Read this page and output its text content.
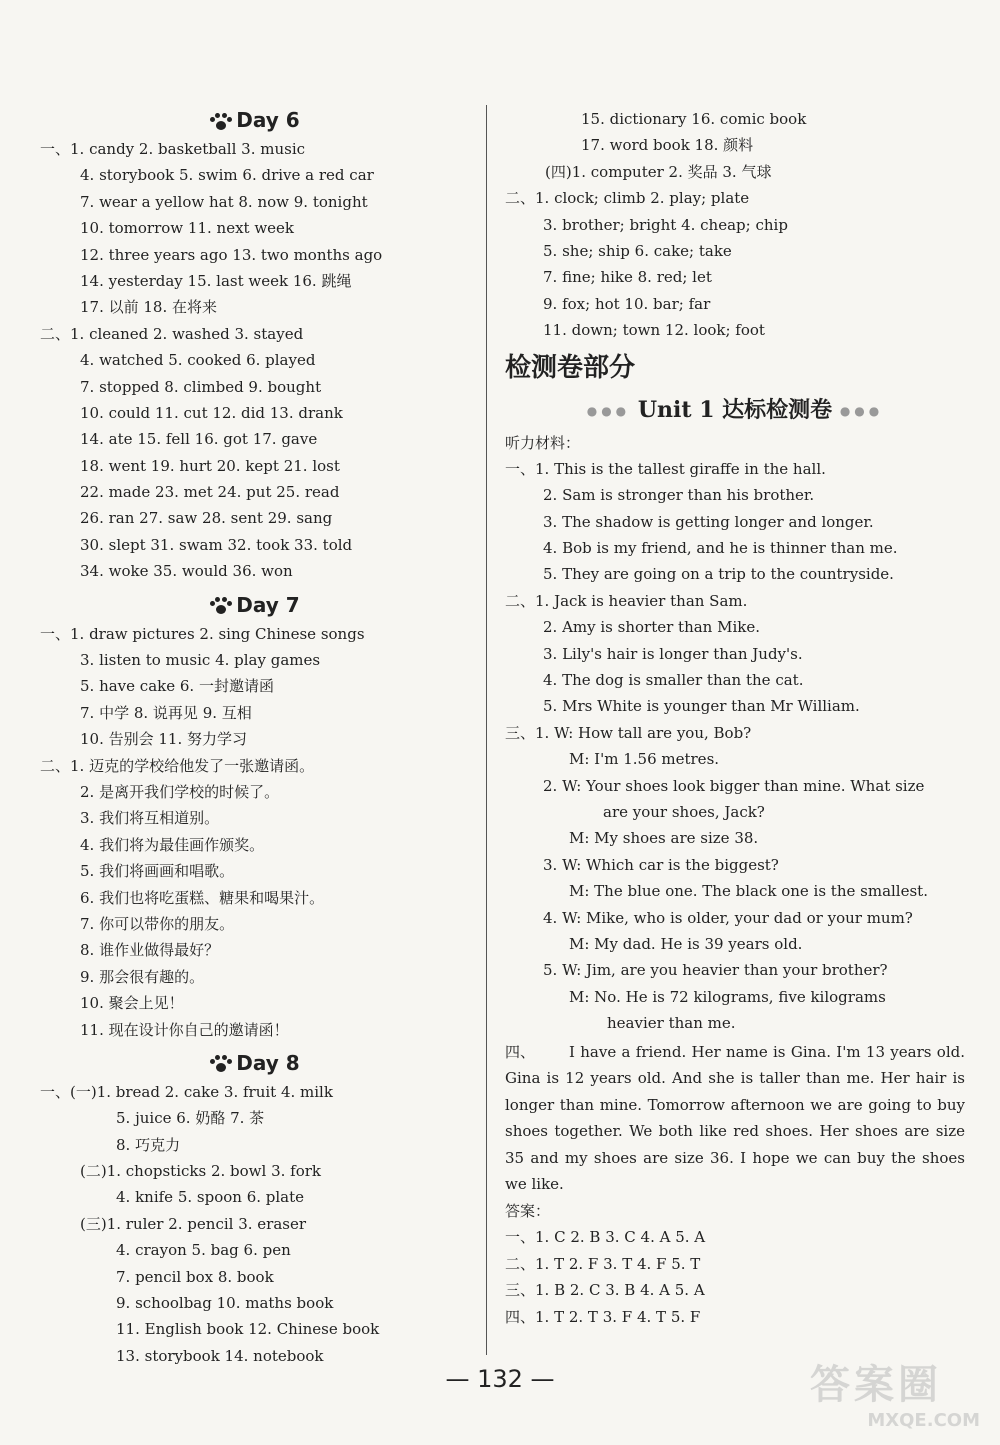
Day 6
一、1. candy 2. basketball 3. music
4. storybook 5. swim 6. drive a red car
7. wear a yellow hat 8. now 9. tonight
10. tomorrow 11. next week
12. three years ago 13. two months ago
14. yesterday 15. last week 16. 跳绳
17. 以前 18. 在将来
二、1. cleaned 2. washed 3. stayed
4. watched 5. cooked 6. played
7. stopped 8. climbed 9. bought
10. could 11. cut 12. did 13. drank
14. ate 15. fell 16. got 17. gave
18. went 19. hurt 20. kept 21. lost
22. made 23. met 24. put 25. read
26. ran 27. saw 28. sent 29. sang
30. slept 31. swam 32. took 33. told
34. woke 35. would 36. won
Day 7
一、1. draw pictures 2. sing Chinese songs
3. listen to music 4. play games
5. have cake 6. 一封邀请函
7. 中学 8. 说再见 9. 互相
10. 告别会 11. 努力学习
二、1. 迈克的学校给他发了一张邀请函。
2. 是离开我们学校的时候了。
3. 我们将互相道别。
4. 我们将为最佳画作颁奖。
5. 我们将画画和唱歌。
6. 我们也将吃蛋糕、糖果和喝果汁。
7. 你可以带你的朋友。
8. 谁作业做得最好？
9. 那会很有趣的。
10. 聚会上见！
11. 现在设计你自己的邀请函！
Day 8
一、(一)1. bread 2. cake 3. fruit 4. milk
5. juice 6. 奶酪 7. 茶
8. 巧克力
(二)1. chopsticks 2. bowl 3. fork
4. knife 5. spoon 6. plate
(三)1. ruler 2. pencil 3. eraser
4. crayon 5. bag 6. pen
7. pencil box 8. book
9. schoolbag 10. maths book
11. English book 12. Chinese book
13. storybook 14. notebook
15. dictionary 16. comic book
17. word book 18. 颜料
(四)1. computer 2. 奖品 3. 气球
二、1. clock; climb 2. play; plate
3. brother; bright 4. cheap; chip
5. she; ship 6. cake; take
7. fine; hike 8. red; let
9. fox; hot 10. bar; far
11. down; town 12. look; foot
检测卷部分
●●● Unit 1 达标检测卷 ●●●
听力材料：
一、1. This is the tallest giraffe in the hall.
2. Sam is stronger than his brother.
3. The shadow is getting longer and longer.
4. Bob is my friend, and he is thinner than me.
5. They are going on a trip to the countryside.
二、1. Jack is heavier than Sam.
2. Amy is shorter than Mike.
3. Lily's hair is longer than Judy's.
4. The dog is smaller than the cat.
5. Mrs White is younger than Mr William.
三、1. W: How tall are you, Bob?
M: I'm 1.56 metres.
2. W: Your shoes look bigger than mine. What size
are your shoes, Jack?
M: My shoes are size 38.
3. W: Which car is the biggest?
M: The blue one. The black one is the smallest.
4. W: Mike, who is older, your dad or your mum?
M: My dad. He is 39 years old.
5. W: Jim, are you heavier than your brother?
M: No. He is 72 kilograms, five kilograms
heavier than me.
四、 I have a friend. Her name is Gina. I'm 13 years old. Gina is 12 years old. And she is taller than me. Her hair is longer than mine. Tomorrow afternoon we are going to buy shoes together. We both like red shoes. Her shoes are size 35 and my shoes are size 36. I hope we can buy the shoes we like.
答案：
一、1. C 2. B 3. C 4. A 5. A
二、1. T 2. F 3. T 4. F 5. T
三、1. B 2. C 3. B 4. A 5. A
四、1. T 2. T 3. F 4. T 5. F
— 132 —	答案圈
MXQE.COM
